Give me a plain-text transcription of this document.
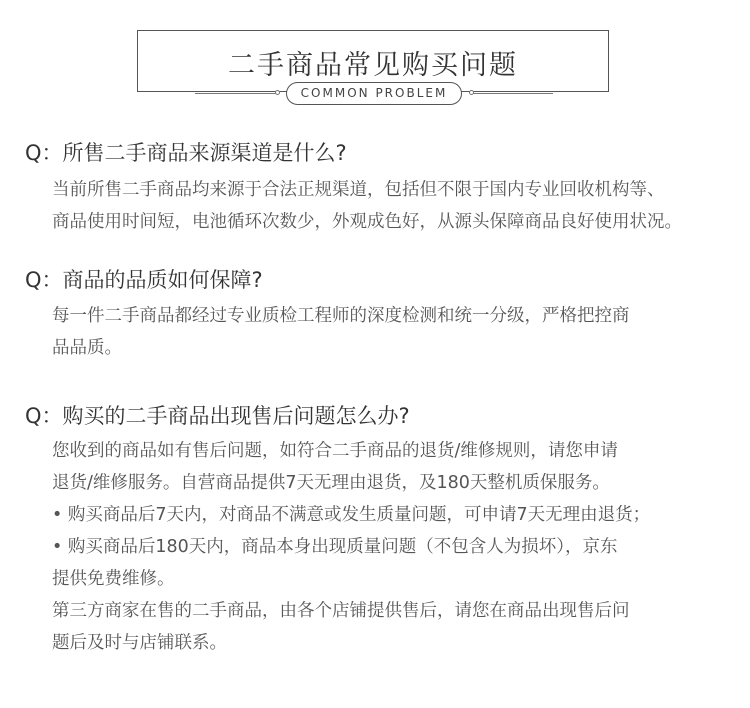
二手商品常见购买问题
COMMON PROBLEM
Q：所售二手商品来源渠道是什么?
当前所售二手商品均来源于合法正规渠道，包括但不限于国内专业回收机构等、
商品使用时间短，电池循环次数少，外观成色好，从源头保障商品良好使用状况。
Q：商品的品质如何保障?
每一件二手商品都经过专业质检工程师的深度检测和统一分级，严格把控商
品品质。
Q：购买的二手商品出现售后问题怎么办?
您收到的商品如有售后问题，如符合二手商品的退货/维修规则，请您申请
退货/维修服务。自营商品提供7天无理由退货，及180天整机质保服务。
• 购买商品后7天内，对商品不满意或发生质量问题，可申请7天无理由退货；
• 购买商品后180天内，商品本身出现质量问题（不包含人为损坏），京东
提供免费维修。
第三方商家在售的二手商品，由各个店铺提供售后，请您在商品出现售后问
题后及时与店铺联系。
